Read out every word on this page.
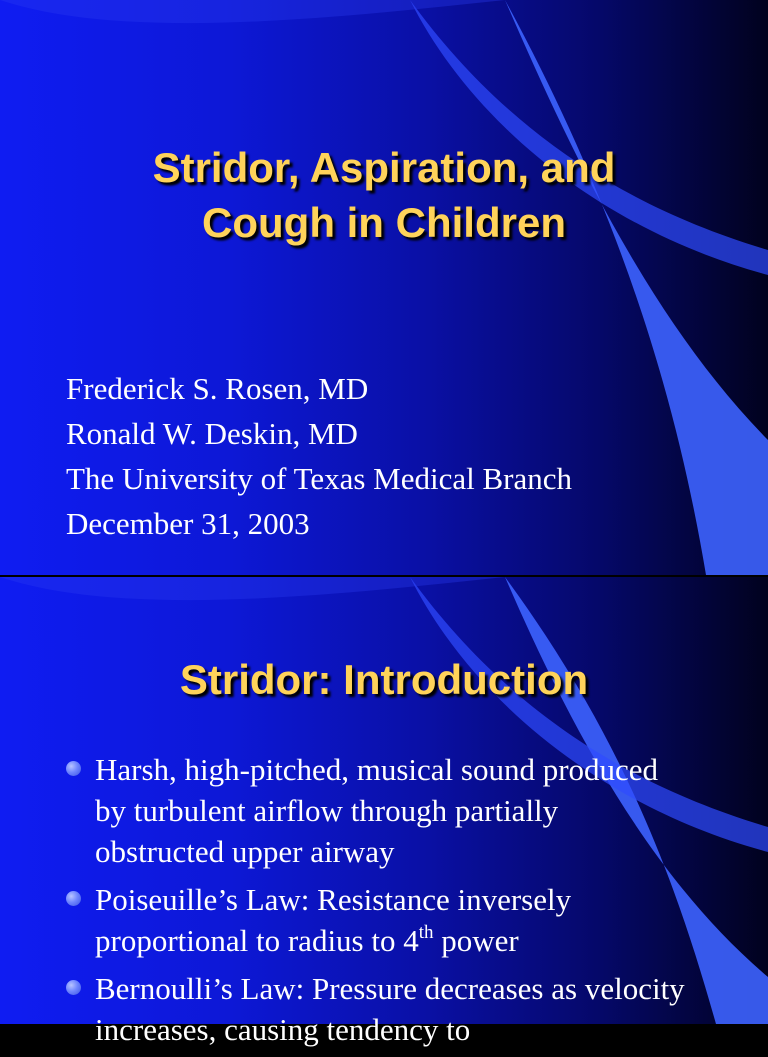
Stridor, Aspiration, and
Cough in Children
Frederick S. Rosen, MD
Ronald W. Deskin, MD
The University of Texas Medical Branch
December 31, 2003
Stridor: Introduction
Harsh, high-pitched, musical sound produced by turbulent airflow through partially obstructed upper airway
Poiseuille’s Law: Resistance inversely proportional to radius to 4th power
Bernoulli’s Law: Pressure decreases as velocity increases, causing tendency to
